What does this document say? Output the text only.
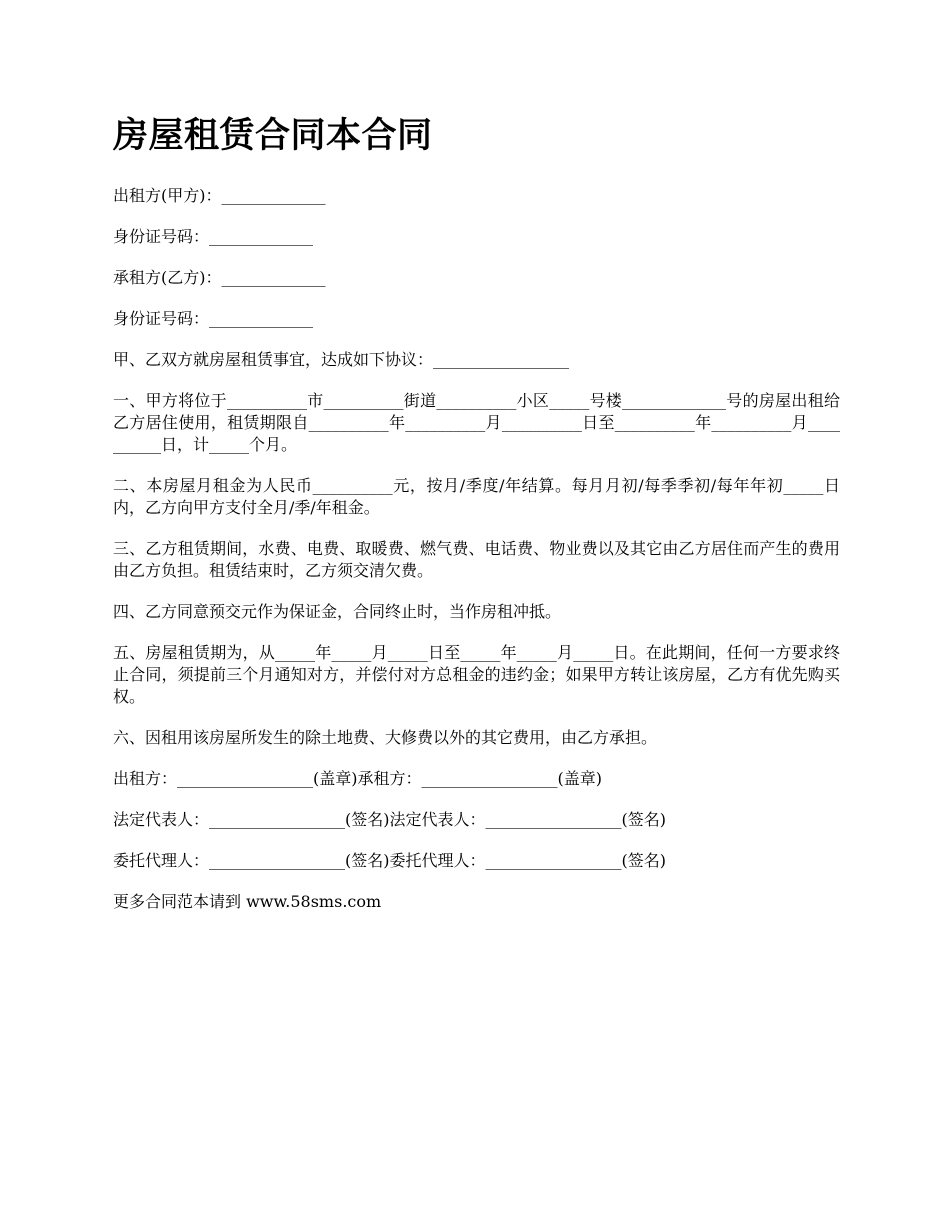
房屋租赁合同本合同

出租方(甲方)：_____________

身份证号码：_____________

承租方(乙方)：_____________

身份证号码：_____________

甲、乙双方就房屋租赁事宜，达成如下协议：_________________

一、甲方将位于__________市__________街道__________小区_____号楼_____________号的房屋出租给乙方居住使用，租赁期限自__________年__________月__________日至__________年__________月__________日，计_____个月。

二、本房屋月租金为人民币__________元，按月/季度/年结算。每月月初/每季季初/每年年初_____日内，乙方向甲方支付全月/季/年租金。

三、乙方租赁期间，水费、电费、取暖费、燃气费、电话费、物业费以及其它由乙方居住而产生的费用由乙方负担。租赁结束时，乙方须交清欠费。

四、乙方同意预交元作为保证金，合同终止时，当作房租冲抵。

五、房屋租赁期为，从_____年_____月_____日至_____年_____月_____日。在此期间，任何一方要求终止合同，须提前三个月通知对方，并偿付对方总租金的违约金；如果甲方转让该房屋，乙方有优先购买权。

六、因租用该房屋所发生的除土地费、大修费以外的其它费用，由乙方承担。

出租方：_________________(盖章)承租方：_________________(盖章)

法定代表人：_________________(签名)法定代表人：_________________(签名)

委托代理人：_________________(签名)委托代理人：_________________(签名)

更多合同范本请到 www.58sms.com
